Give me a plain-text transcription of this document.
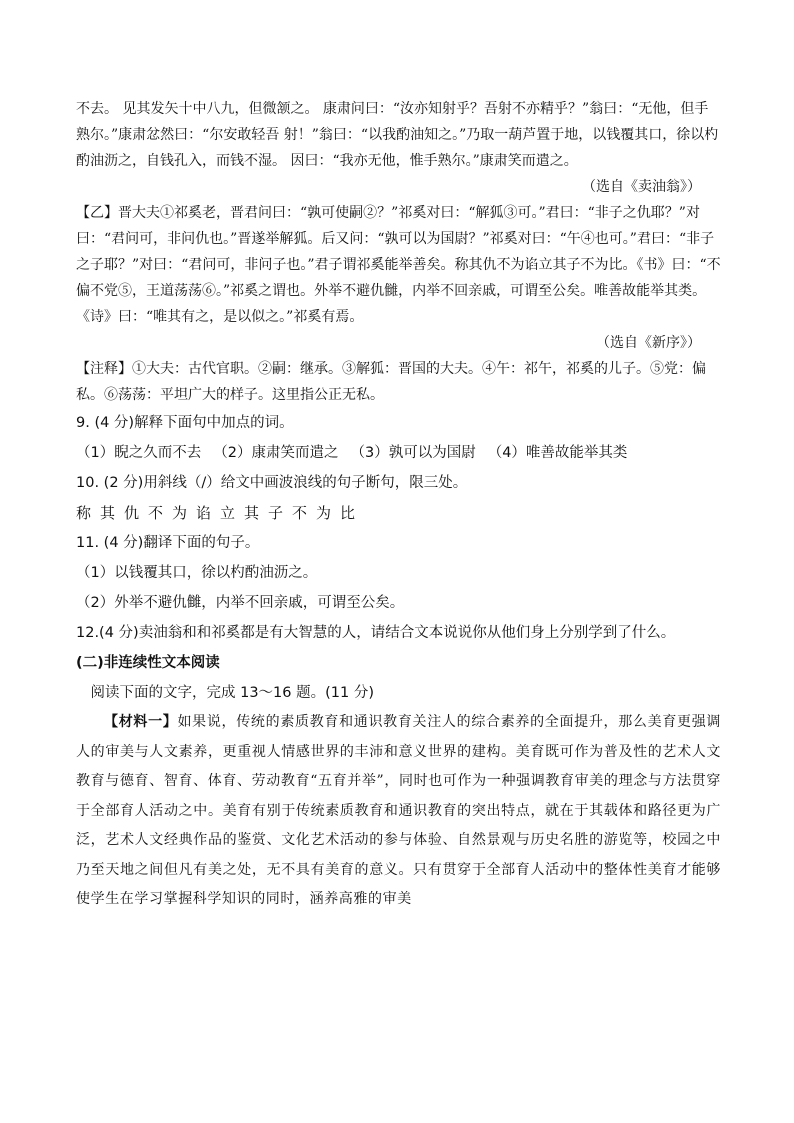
不去。 见其发矢十中八九，但微颔之。 康肃问曰：“汝亦知射乎？吾射不亦精乎？”翁曰：“无他，但手熟尔。”康肃忿然曰：“尔安敢轻吾 射！”翁曰：“以我酌油知之。”乃取一葫芦置于地，以钱覆其口，徐以杓酌油沥之，自钱孔入，而钱不湿。 因曰：“我亦无他，惟手熟尔。”康肃笑而遣之。

（选自《卖油翁》）

【乙】晋大夫①祁奚老，晋君问曰：“孰可使嗣②？”祁奚对曰：“解狐③可。”君曰：“非子之仇耶？”对 曰：“君问可，非问仇也。”晋遂举解狐。后又问：“孰可以为国尉？”祁奚对曰：“午④也可。”君曰：“非子之子耶？”对曰：“君问可，非问子也。”君子谓祁奚能举善矣。称其仇不为谄立其子不为比。《书》曰：“不偏不党⑤，王道荡荡⑥。”祁奚之谓也。外举不避仇雠，内举不回亲戚，可谓至公矣。唯善故能举其类。 《诗》曰：“唯其有之，是以似之。”祁奚有焉。

（选自《新序》）

【注释】①大夫：古代官职。②嗣：继承。③解狐：晋国的大夫。④午：祁午，祁奚的儿子。⑤党：偏私。⑥荡荡：平坦广大的样子。这里指公正无私。

9. (4 分)解释下面句中加点的词。

（1）睨之久而不去 （2）康肃笑而遣之 （3）孰可以为国尉 （4）唯善故能举其类

10. (2 分)用斜线（/）给文中画波浪线的句子断句，限三处。

称其仇不为谄立其子不为比

11. (4 分)翻译下面的句子。

（1）以钱覆其口，徐以杓酌油沥之。

（2）外举不避仇雠，内举不回亲戚，可谓至公矣。

12.(4 分)卖油翁和和祁奚都是有大智慧的人，请结合文本说说你从他们身上分别学到了什么。

(二)非连续性文本阅读

阅读下面的文字，完成 13～16 题。(11 分)

【材料一】如果说，传统的素质教育和通识教育关注人的综合素养的全面提升，那么美育更强调人的审美与人文素养，更重视人情感世界的丰沛和意义世界的建构。美育既可作为普及性的艺术人文教育与德育、智育、体育、劳动教育“五育并举”，同时也可作为一种强调教育审美的理念与方法贯穿于全部育人活动之中。美育有别于传统素质教育和通识教育的突出特点，就在于其载体和路径更为广泛，艺术人文经典作品的鉴赏、文化艺术活动的参与体验、自然景观与历史名胜的游览等，校园之中乃至天地之间但凡有美之处，无不具有美育的意义。只有贯穿于全部育人活动中的整体性美育才能够使学生在学习掌握科学知识的同时，涵养高雅的审美
